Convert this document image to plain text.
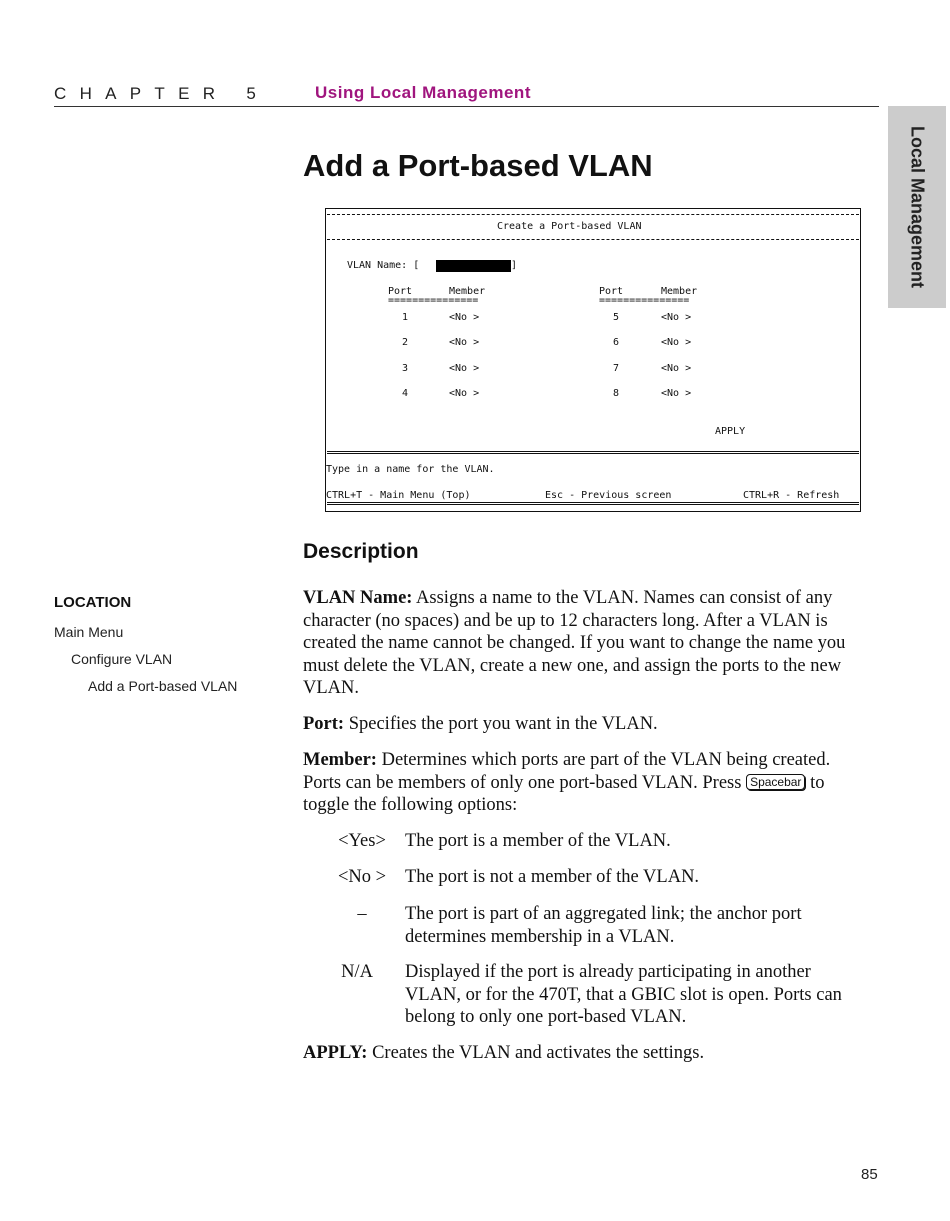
CHAPTER 5	Using Local Management
Local Management
Add a Port-based VLAN
Create a Port-based VLAN
VLAN Name: [	]
Port	Member
===============
Port	Member
===============
1	<No >
2	<No >
3	<No >
4	<No >
5	<No >
6	<No >
7	<No >
8	<No >
APPLY
Type in a name for the VLAN.
CTRL+T - Main Menu (Top)	Esc - Previous screen	CTRL+R - Refresh
Description
LOCATION
Main Menu
Configure VLAN
Add a Port-based VLAN

VLAN Name: Assigns a name to the VLAN. Names can consist of any character (no spaces) and be up to 12 characters long. After a VLAN is created the name cannot be changed. If you want to change the name you must delete the VLAN, create a new one, and assign the ports to the new VLAN.

Port: Specifies the port you want in the VLAN.

Member: Determines which ports are part of the VLAN being created. Ports can be members of only one port-based VLAN. Press Spacebar to toggle the following options:

<Yes>	The port is a member of the VLAN.

<No >	The port is not a member of the VLAN.

–	The port is part of an aggregated link; the anchor port determines membership in a VLAN.

N/A	Displayed if the port is already participating in another VLAN, or for the 470T, that a GBIC slot is open. Ports can belong to only one port-based VLAN.

APPLY: Creates the VLAN and activates the settings.

85
